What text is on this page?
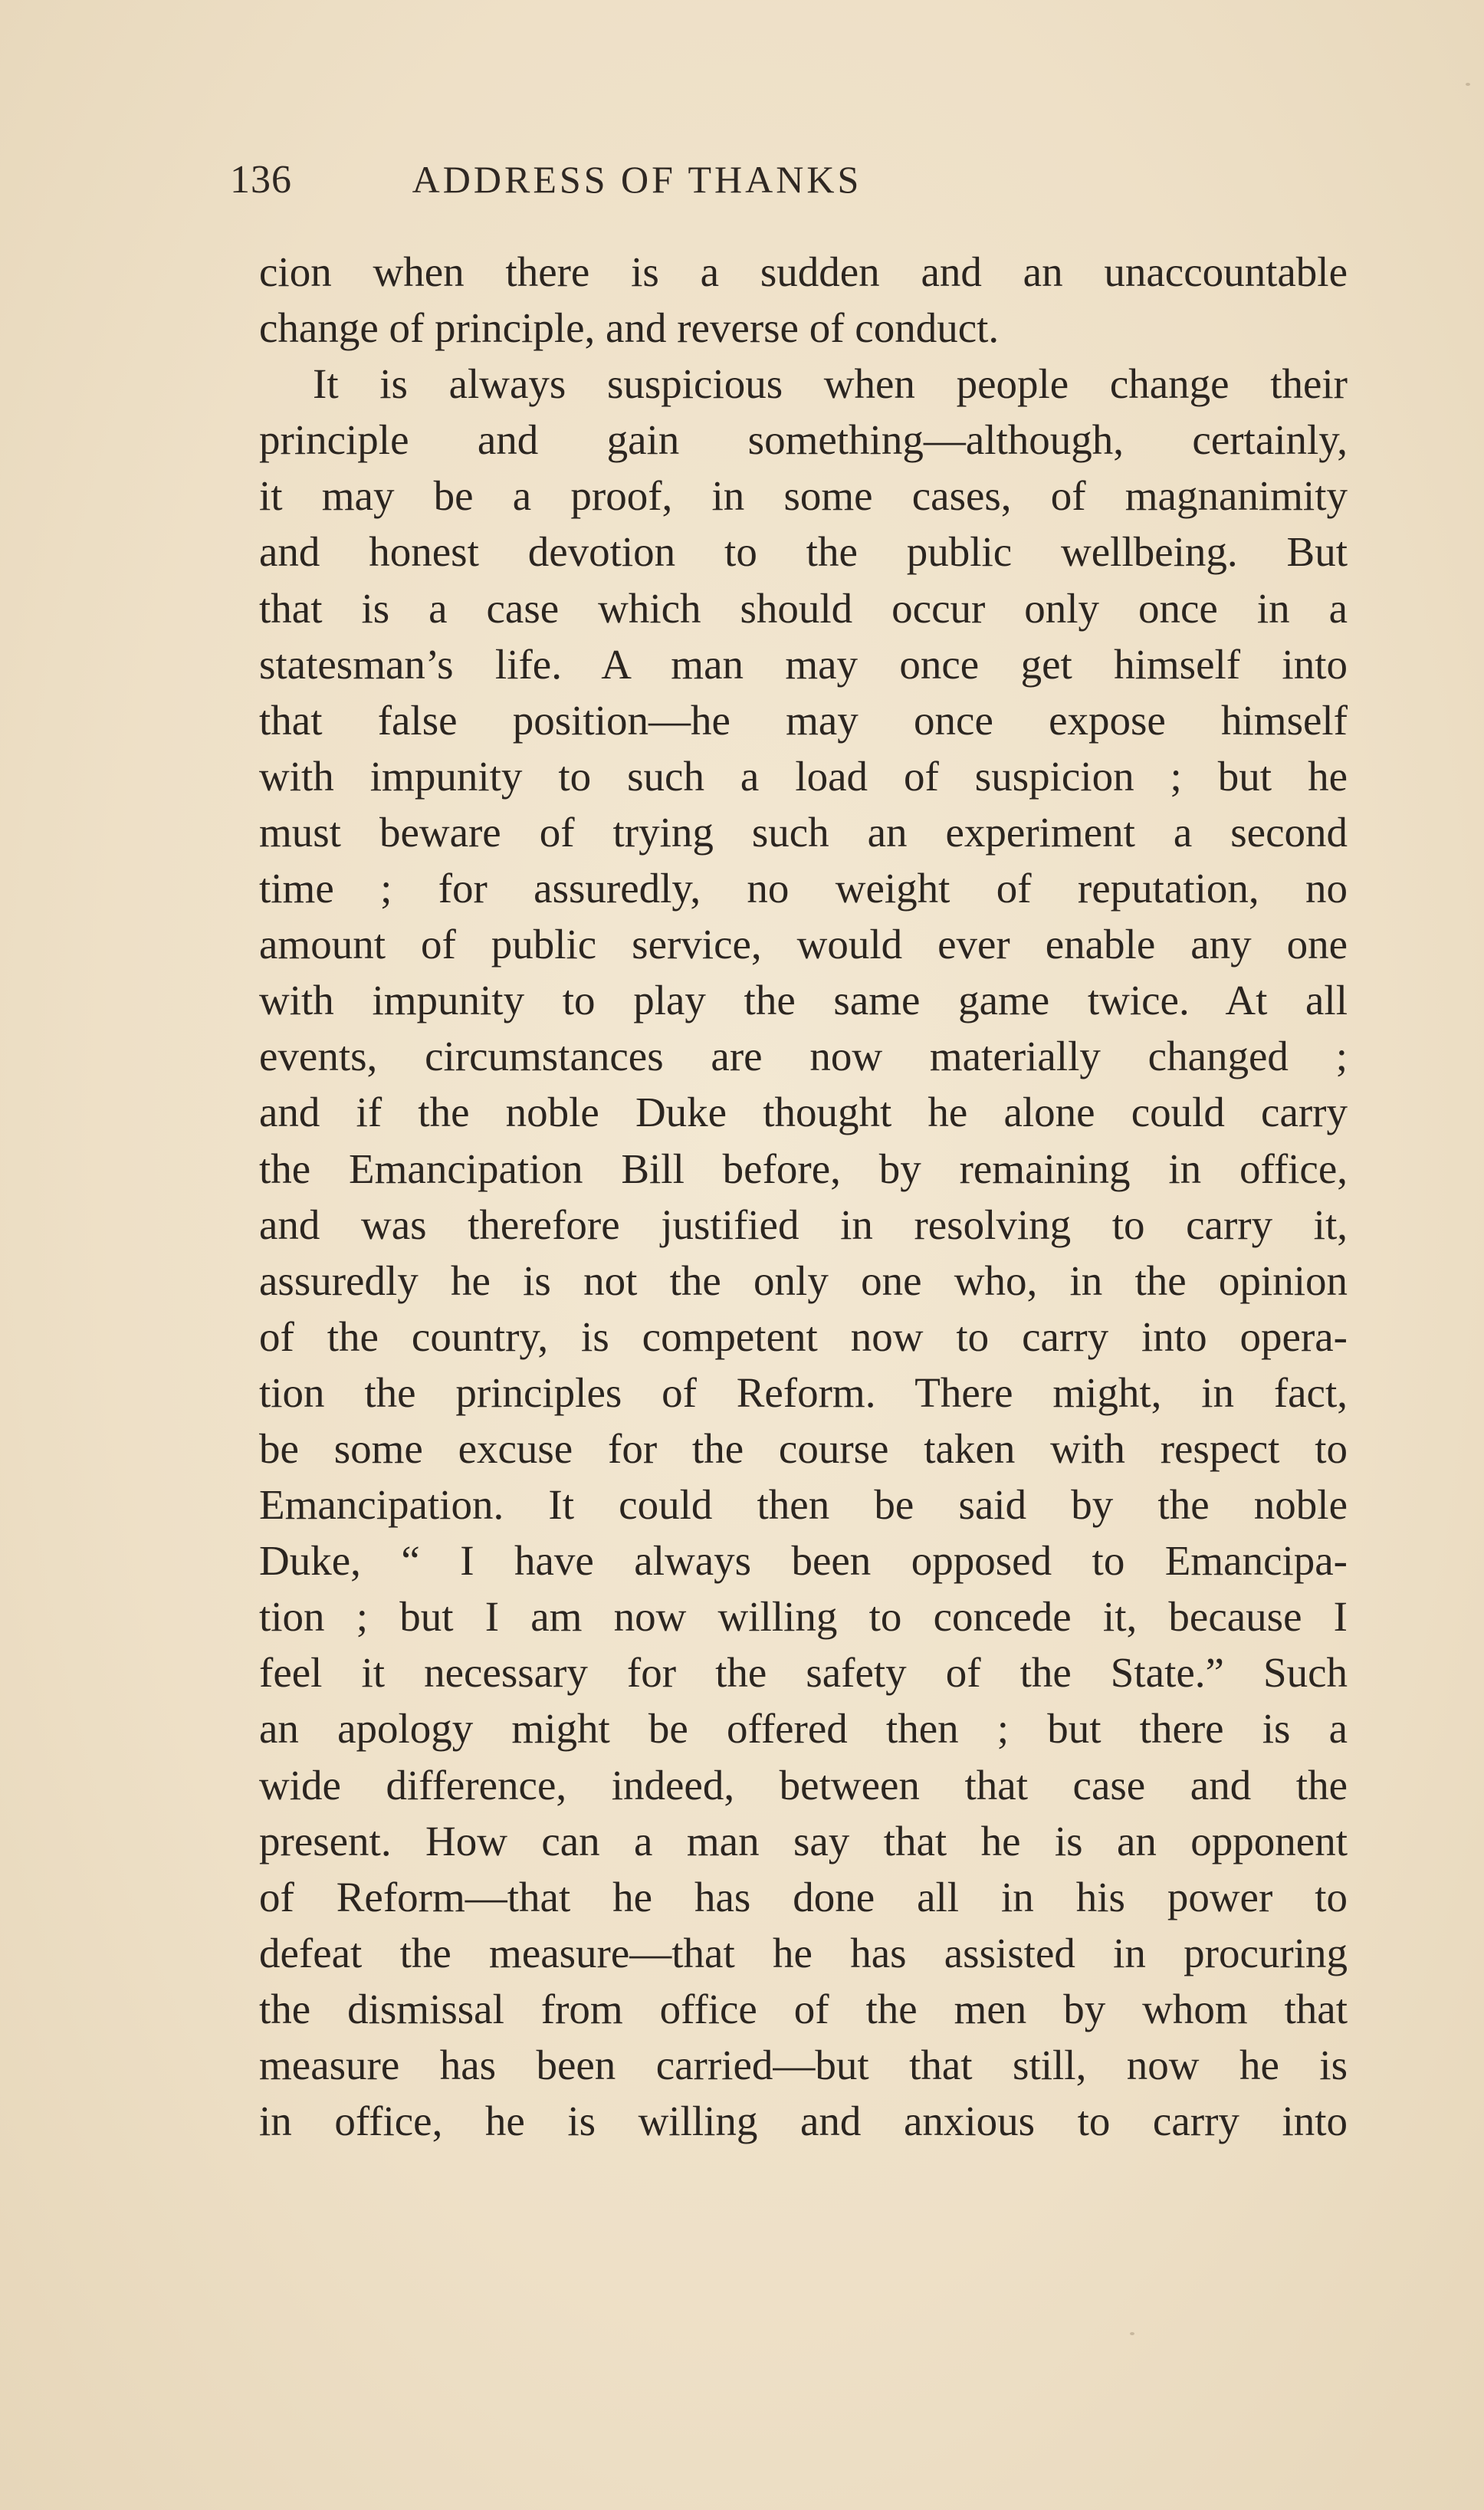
136	ADDRESS OF THANKS
cion when there is a sudden and an unaccountable
change of principle, and reverse of conduct.
It is always suspicious when people change their
principle and gain something—although, certainly,
it may be a proof, in some cases, of magnanimity
and honest devotion to the public wellbeing. But
that is a case which should occur only once in a
statesman’s life. A man may once get himself into
that false position—he may once expose himself
with impunity to such a load of suspicion ; but he
must beware of trying such an experiment a second
time ; for assuredly, no weight of reputation, no
amount of public service, would ever enable any one
with impunity to play the same game twice. At all
events, circumstances are now materially changed ;
and if the noble Duke thought he alone could carry
the Emancipation Bill before, by remaining in office,
and was therefore justified in resolving to carry it,
assuredly he is not the only one who, in the opinion
of the country, is competent now to carry into opera-
tion the principles of Reform. There might, in fact,
be some excuse for the course taken with respect to
Emancipation. It could then be said by the noble
Duke, “ I have always been opposed to Emancipa-
tion ; but I am now willing to concede it, because I
feel it necessary for the safety of the State.” Such
an apology might be offered then ; but there is a
wide difference, indeed, between that case and the
present. How can a man say that he is an opponent
of Reform—that he has done all in his power to
defeat the measure—that he has assisted in procuring
the dismissal from office of the men by whom that
measure has been carried—but that still, now he is
in office, he is willing and anxious to carry into
